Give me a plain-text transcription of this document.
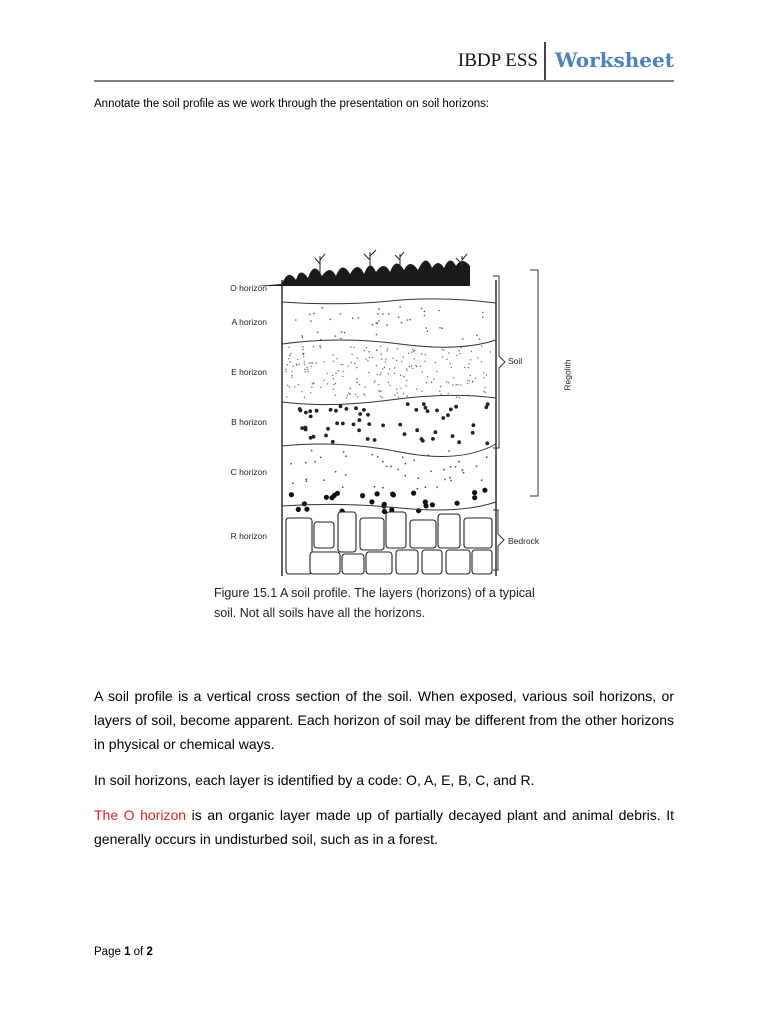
IBDP ESS Worksheet
Annotate the soil profile as we work through the presentation on soil horizons:
O horizon
A horizon
E horizon
B horizon
C horizon
R horizon
Soil	Regolith
Bedrock
Figure 15.1 A soil profile. The layers (horizons) of a typical soil. Not all soils have all the horizons.

A soil profile is a vertical cross section of the soil. When exposed, various soil horizons, or layers of soil, become apparent. Each horizon of soil may be different from the other horizons in physical or chemical ways.

In soil horizons, each layer is identified by a code: O, A, E, B, C, and R.

The O horizon is an organic layer made up of partially decayed plant and animal debris. It generally occurs in undisturbed soil, such as in a forest.

Page 1 of 2
